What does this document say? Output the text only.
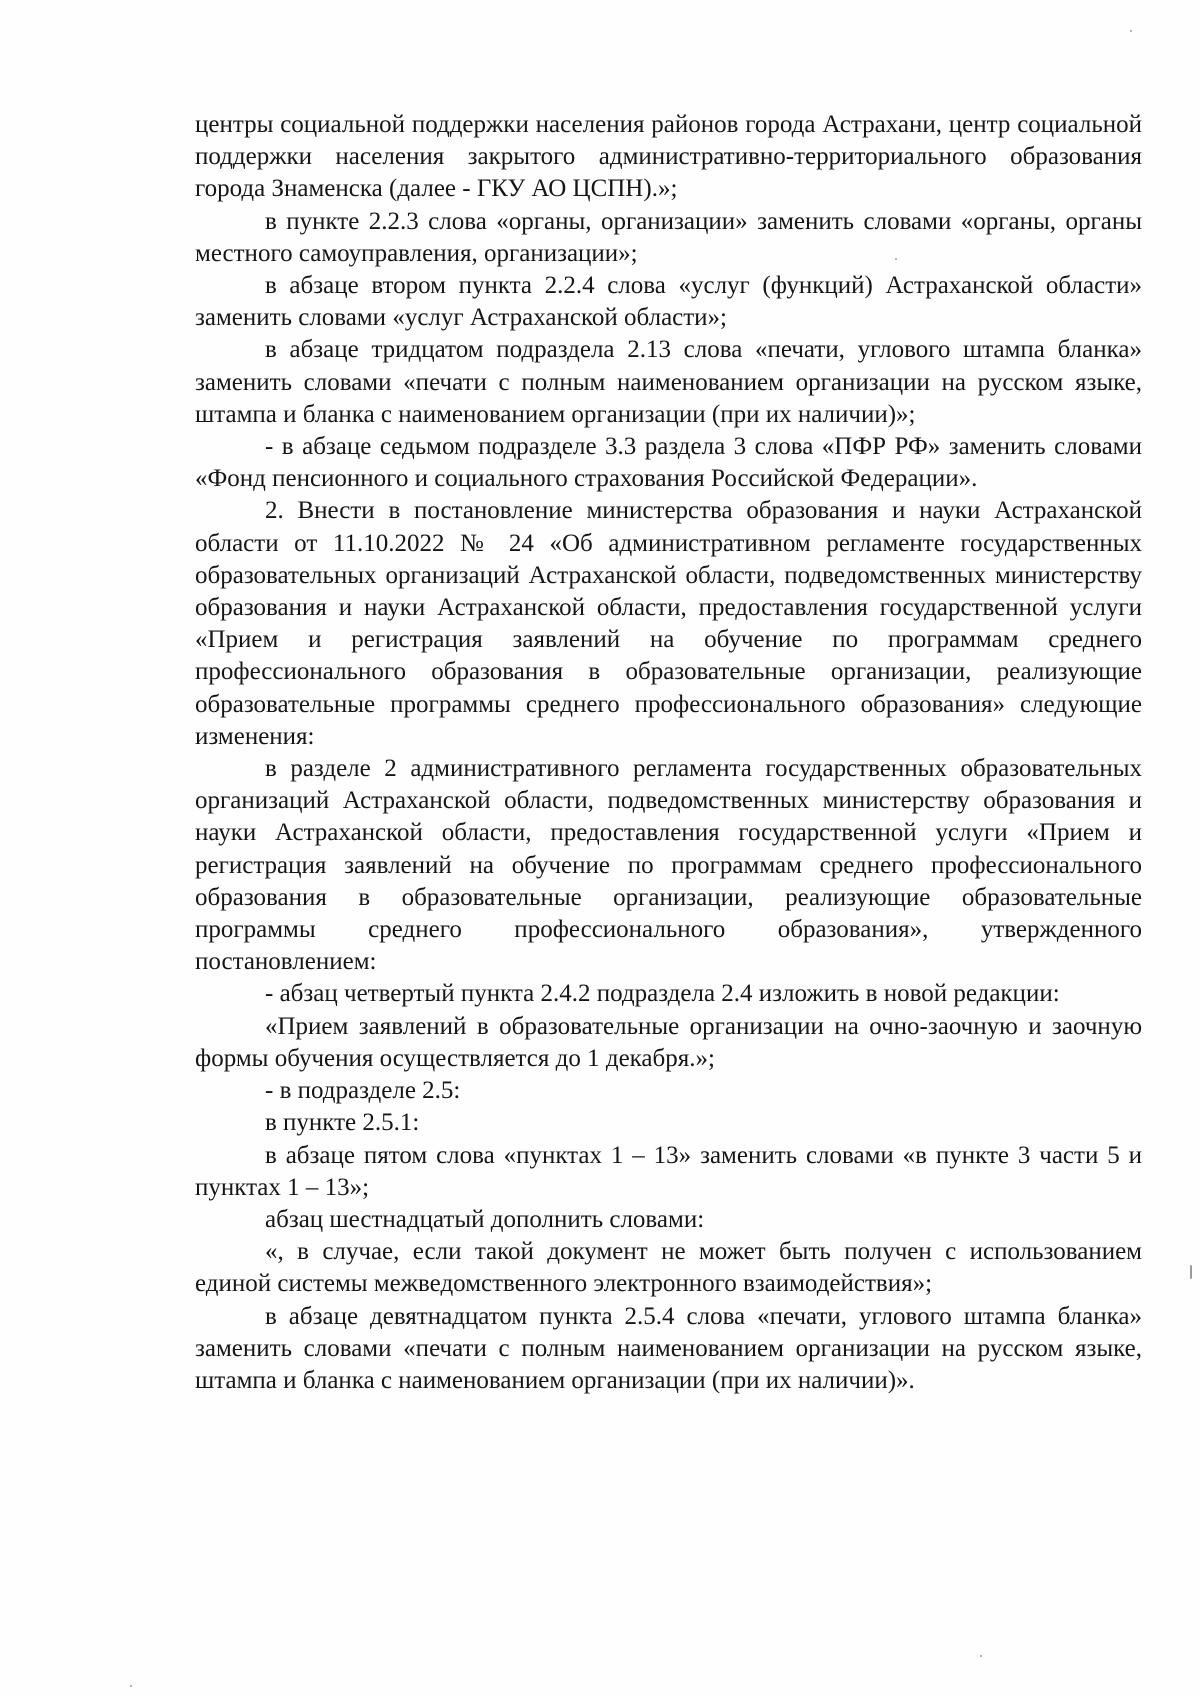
центры социальной поддержки населения районов города Астрахани, центр социальной поддержки населения закрытого административно-территориального образования города Знаменска (далее - ГКУ АО ЦСПН).»;

в пункте 2.2.3 слова «органы, организации» заменить словами «органы, органы местного самоуправления, организации»;

в абзаце втором пункта 2.2.4 слова «услуг (функций) Астраханской области» заменить словами «услуг Астраханской области»;

в абзаце тридцатом подраздела 2.13 слова «печати, углового штампа бланка» заменить словами «печати с полным наименованием организации на русском языке, штампа и бланка с наименованием организации (при их наличии)»;

- в абзаце седьмом подразделе 3.3 раздела 3 слова «ПФР РФ» заменить словами «Фонд пенсионного и социального страхования Российской Федерации».

2. Внести в постановление министерства образования и науки Астраханской области от 11.10.2022 № 24 «Об административном регламенте государственных образовательных организаций Астраханской области, подведомственных министерству образования и науки Астраханской области, предоставления государственной услуги «Прием и регистрация заявлений на обучение по программам среднего профессионального образования в образовательные организации, реализующие образовательные программы среднего профессионального образования» следующие изменения:

в разделе 2 административного регламента государственных образовательных организаций Астраханской области, подведомственных министерству образования и науки Астраханской области, предоставления государственной услуги «Прием и регистрация заявлений на обучение по программам среднего профессионального образования в образовательные организации, реализующие образовательные программы среднего профессионального образования», утвержденного постановлением:

- абзац четвертый пункта 2.4.2 подраздела 2.4 изложить в новой редакции:

«Прием заявлений в образовательные организации на очно-заочную и заочную формы обучения осуществляется до 1 декабря.»;

- в подразделе 2.5:

в пункте 2.5.1:

в абзаце пятом слова «пунктах 1 – 13» заменить словами «в пункте 3 части 5 и пунктах 1 – 13»;

абзац шестнадцатый дополнить словами:

«, в случае, если такой документ не может быть получен с использованием единой системы межведомственного электронного взаимодействия»;

в абзаце девятнадцатом пункта 2.5.4 слова «печати, углового штампа бланка» заменить словами «печати с полным наименованием организации на русском языке, штампа и бланка с наименованием организации (при их наличии)».
